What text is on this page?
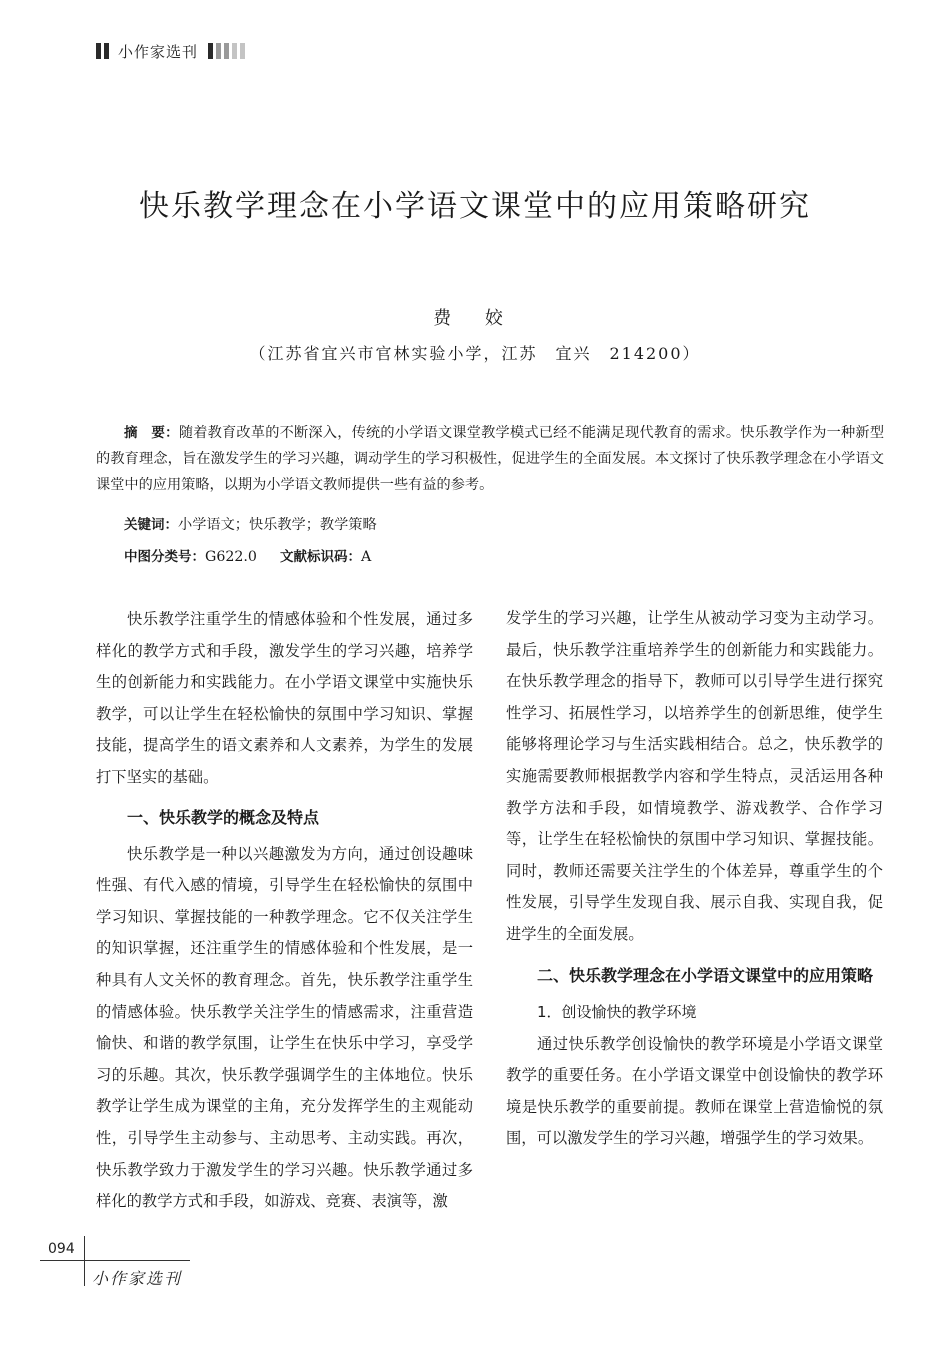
小作家选刊
快乐教学理念在小学语文课堂中的应用策略研究
费 姣
（江苏省宜兴市官林实验小学，江苏　宜兴　214200）

摘　要：随着教育改革的不断深入，传统的小学语文课堂教学模式已经不能满足现代教育的需求。快乐教学作为一种新型的教育理念，旨在激发学生的学习兴趣，调动学生的学习积极性，促进学生的全面发展。本文探讨了快乐教学理念在小学语文课堂中的应用策略，以期为小学语文教师提供一些有益的参考。

关键词：小学语文；快乐教学；教学策略
中图分类号：G622.0 文献标识码：A

快乐教学注重学生的情感体验和个性发展，通过多样化的教学方式和手段，激发学生的学习兴趣，培养学生的创新能力和实践能力。在小学语文课堂中实施快乐教学，可以让学生在轻松愉快的氛围中学习知识、掌握技能，提高学生的语文素养和人文素养，为学生的发展打下坚实的基础。

一、快乐教学的概念及特点

快乐教学是一种以兴趣激发为方向，通过创设趣味性强、有代入感的情境，引导学生在轻松愉快的氛围中学习知识、掌握技能的一种教学理念。它不仅关注学生的知识掌握，还注重学生的情感体验和个性发展，是一种具有人文关怀的教育理念。首先，快乐教学注重学生的情感体验。快乐教学关注学生的情感需求，注重营造愉快、和谐的教学氛围，让学生在快乐中学习，享受学习的乐趣。其次，快乐教学强调学生的主体地位。快乐教学让学生成为课堂的主角，充分发挥学生的主观能动性，引导学生主动参与、主动思考、主动实践。再次，快乐教学致力于激发学生的学习兴趣。快乐教学通过多样化的教学方式和手段，如游戏、竞赛、表演等，激

发学生的学习兴趣，让学生从被动学习变为主动学习。最后，快乐教学注重培养学生的创新能力和实践能力。在快乐教学理念的指导下，教师可以引导学生进行探究性学习、拓展性学习，以培养学生的创新思维，使学生能够将理论学习与生活实践相结合。总之，快乐教学的实施需要教师根据教学内容和学生特点，灵活运用各种教学方法和手段，如情境教学、游戏教学、合作学习等，让学生在轻松愉快的氛围中学习知识、掌握技能。同时，教师还需要关注学生的个体差异，尊重学生的个性发展，引导学生发现自我、展示自我、实现自我，促进学生的全面发展。

二、快乐教学理念在小学语文课堂中的应用策略
1．创设愉快的教学环境

通过快乐教学创设愉快的教学环境是小学语文课堂教学的重要任务。在小学语文课堂中创设愉快的教学环境是快乐教学的重要前提。教师在课堂上营造愉悦的氛围，可以激发学生的学习兴趣，增强学生的学习效果。

094
小作家选刊
